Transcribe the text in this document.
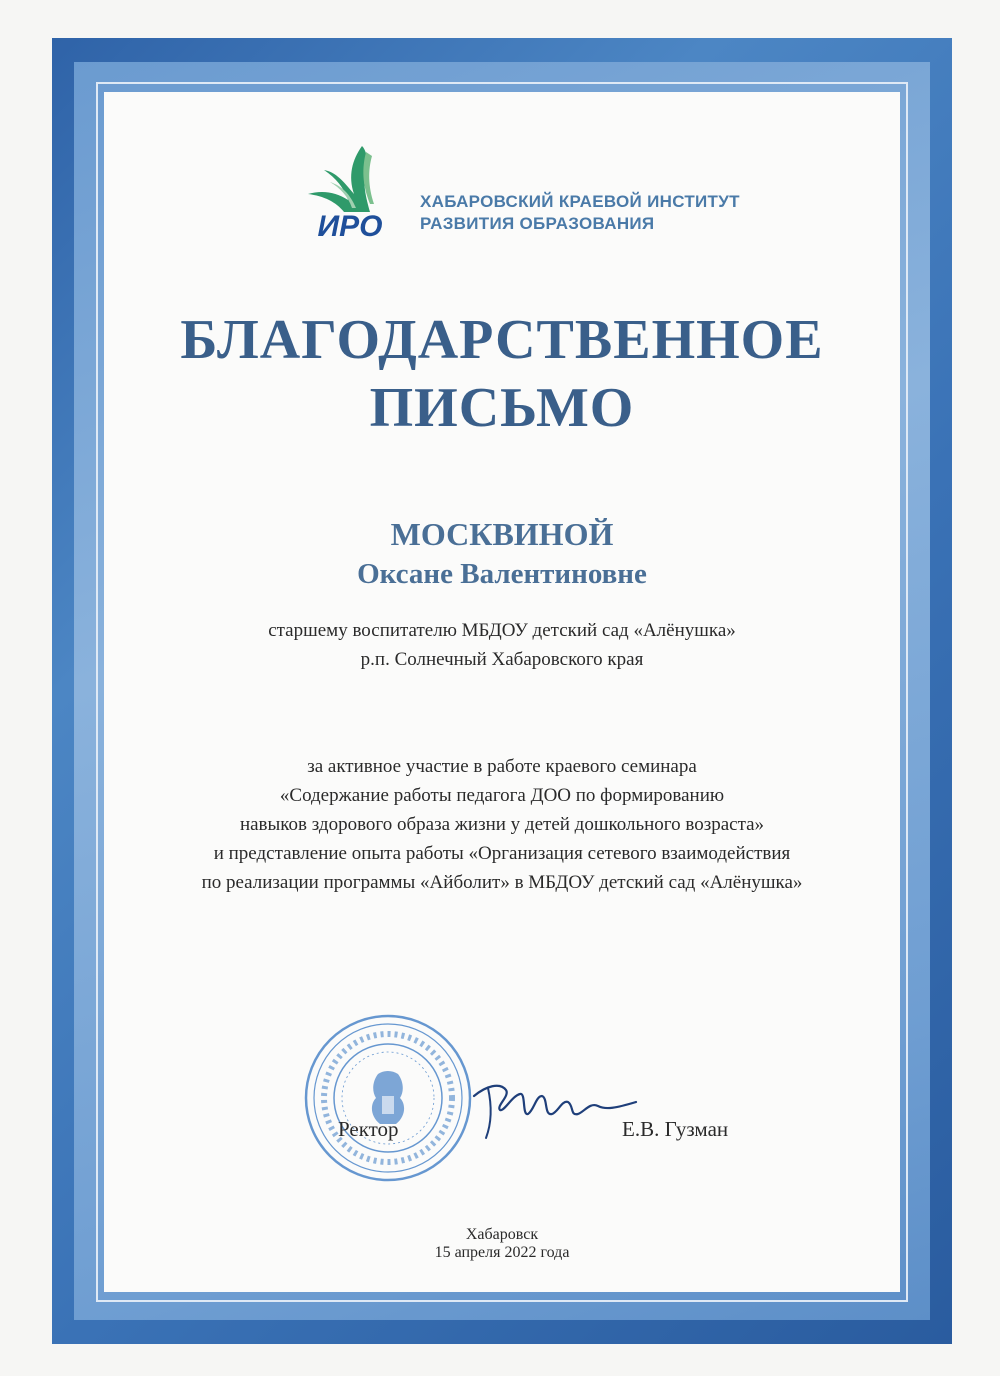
ИРО
ХАБАРОВСКИЙ КРАЕВОЙ ИНСТИТУТ
РАЗВИТИЯ ОБРАЗОВАНИЯ
БЛАГОДАРСТВЕННОЕ
ПИСЬМО
МОСКВИНОЙ
Оксане Валентиновне
старшему воспитателю МБДОУ детский сад «Алёнушка»
р.п. Солнечный Хабаровского края
за активное участие в работе краевого семинара
«Содержание работы педагога ДОО по формированию
навыков здорового образа жизни у детей дошкольного возраста»
и представление опыта работы «Организация сетевого взаимодействия
по реализации программы «Айболит» в МБДОУ детский сад «Алёнушка»
Ректор	Е.В. Гузман
Хабаровск
15 апреля 2022 года
